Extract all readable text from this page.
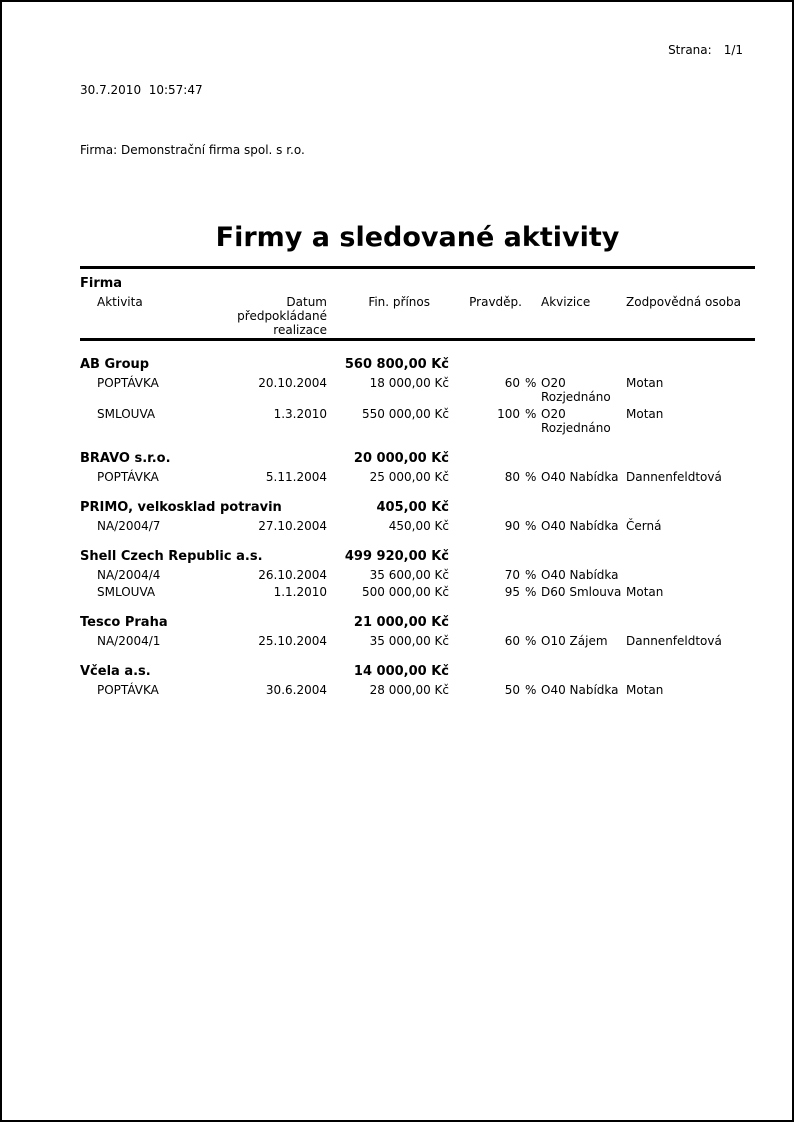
30.7.2010  10:57:47

Firma: Demonstrační firma spol. s r.o.

Strana: 1/1
Firmy a sledované aktivity
Firma						
Aktivita	Datum předpokládané realizace	Fin. přínos	Pravděp.		Akvizice	Zodpovědná osoba
AB Group		560 800,00 Kč				
POPTÁVKA	20.10.2004	18 000,00 Kč	60	%	O20 Rozjednáno	Motan
SMLOUVA	1.3.2010	550 000,00 Kč	100	%	O20 Rozjednáno	Motan
BRAVO s.r.o.		20 000,00 Kč				
POPTÁVKA	5.11.2004	25 000,00 Kč	80	%	O40 Nabídka	Dannenfeldtová
PRIMO, velkosklad potravin		405,00 Kč				
NA/2004/7	27.10.2004	450,00 Kč	90	%	O40 Nabídka	Černá
Shell Czech Republic a.s.		499 920,00 Kč				
NA/2004/4	26.10.2004	35 600,00 Kč	70	%	O40 Nabídka	
SMLOUVA	1.1.2010	500 000,00 Kč	95	%	D60 Smlouva	Motan
Tesco Praha		21 000,00 Kč				
NA/2004/1	25.10.2004	35 000,00 Kč	60	%	O10 Zájem	Dannenfeldtová
Včela a.s.		14 000,00 Kč				
POPTÁVKA	30.6.2004	28 000,00 Kč	50	%	O40 Nabídka	Motan
